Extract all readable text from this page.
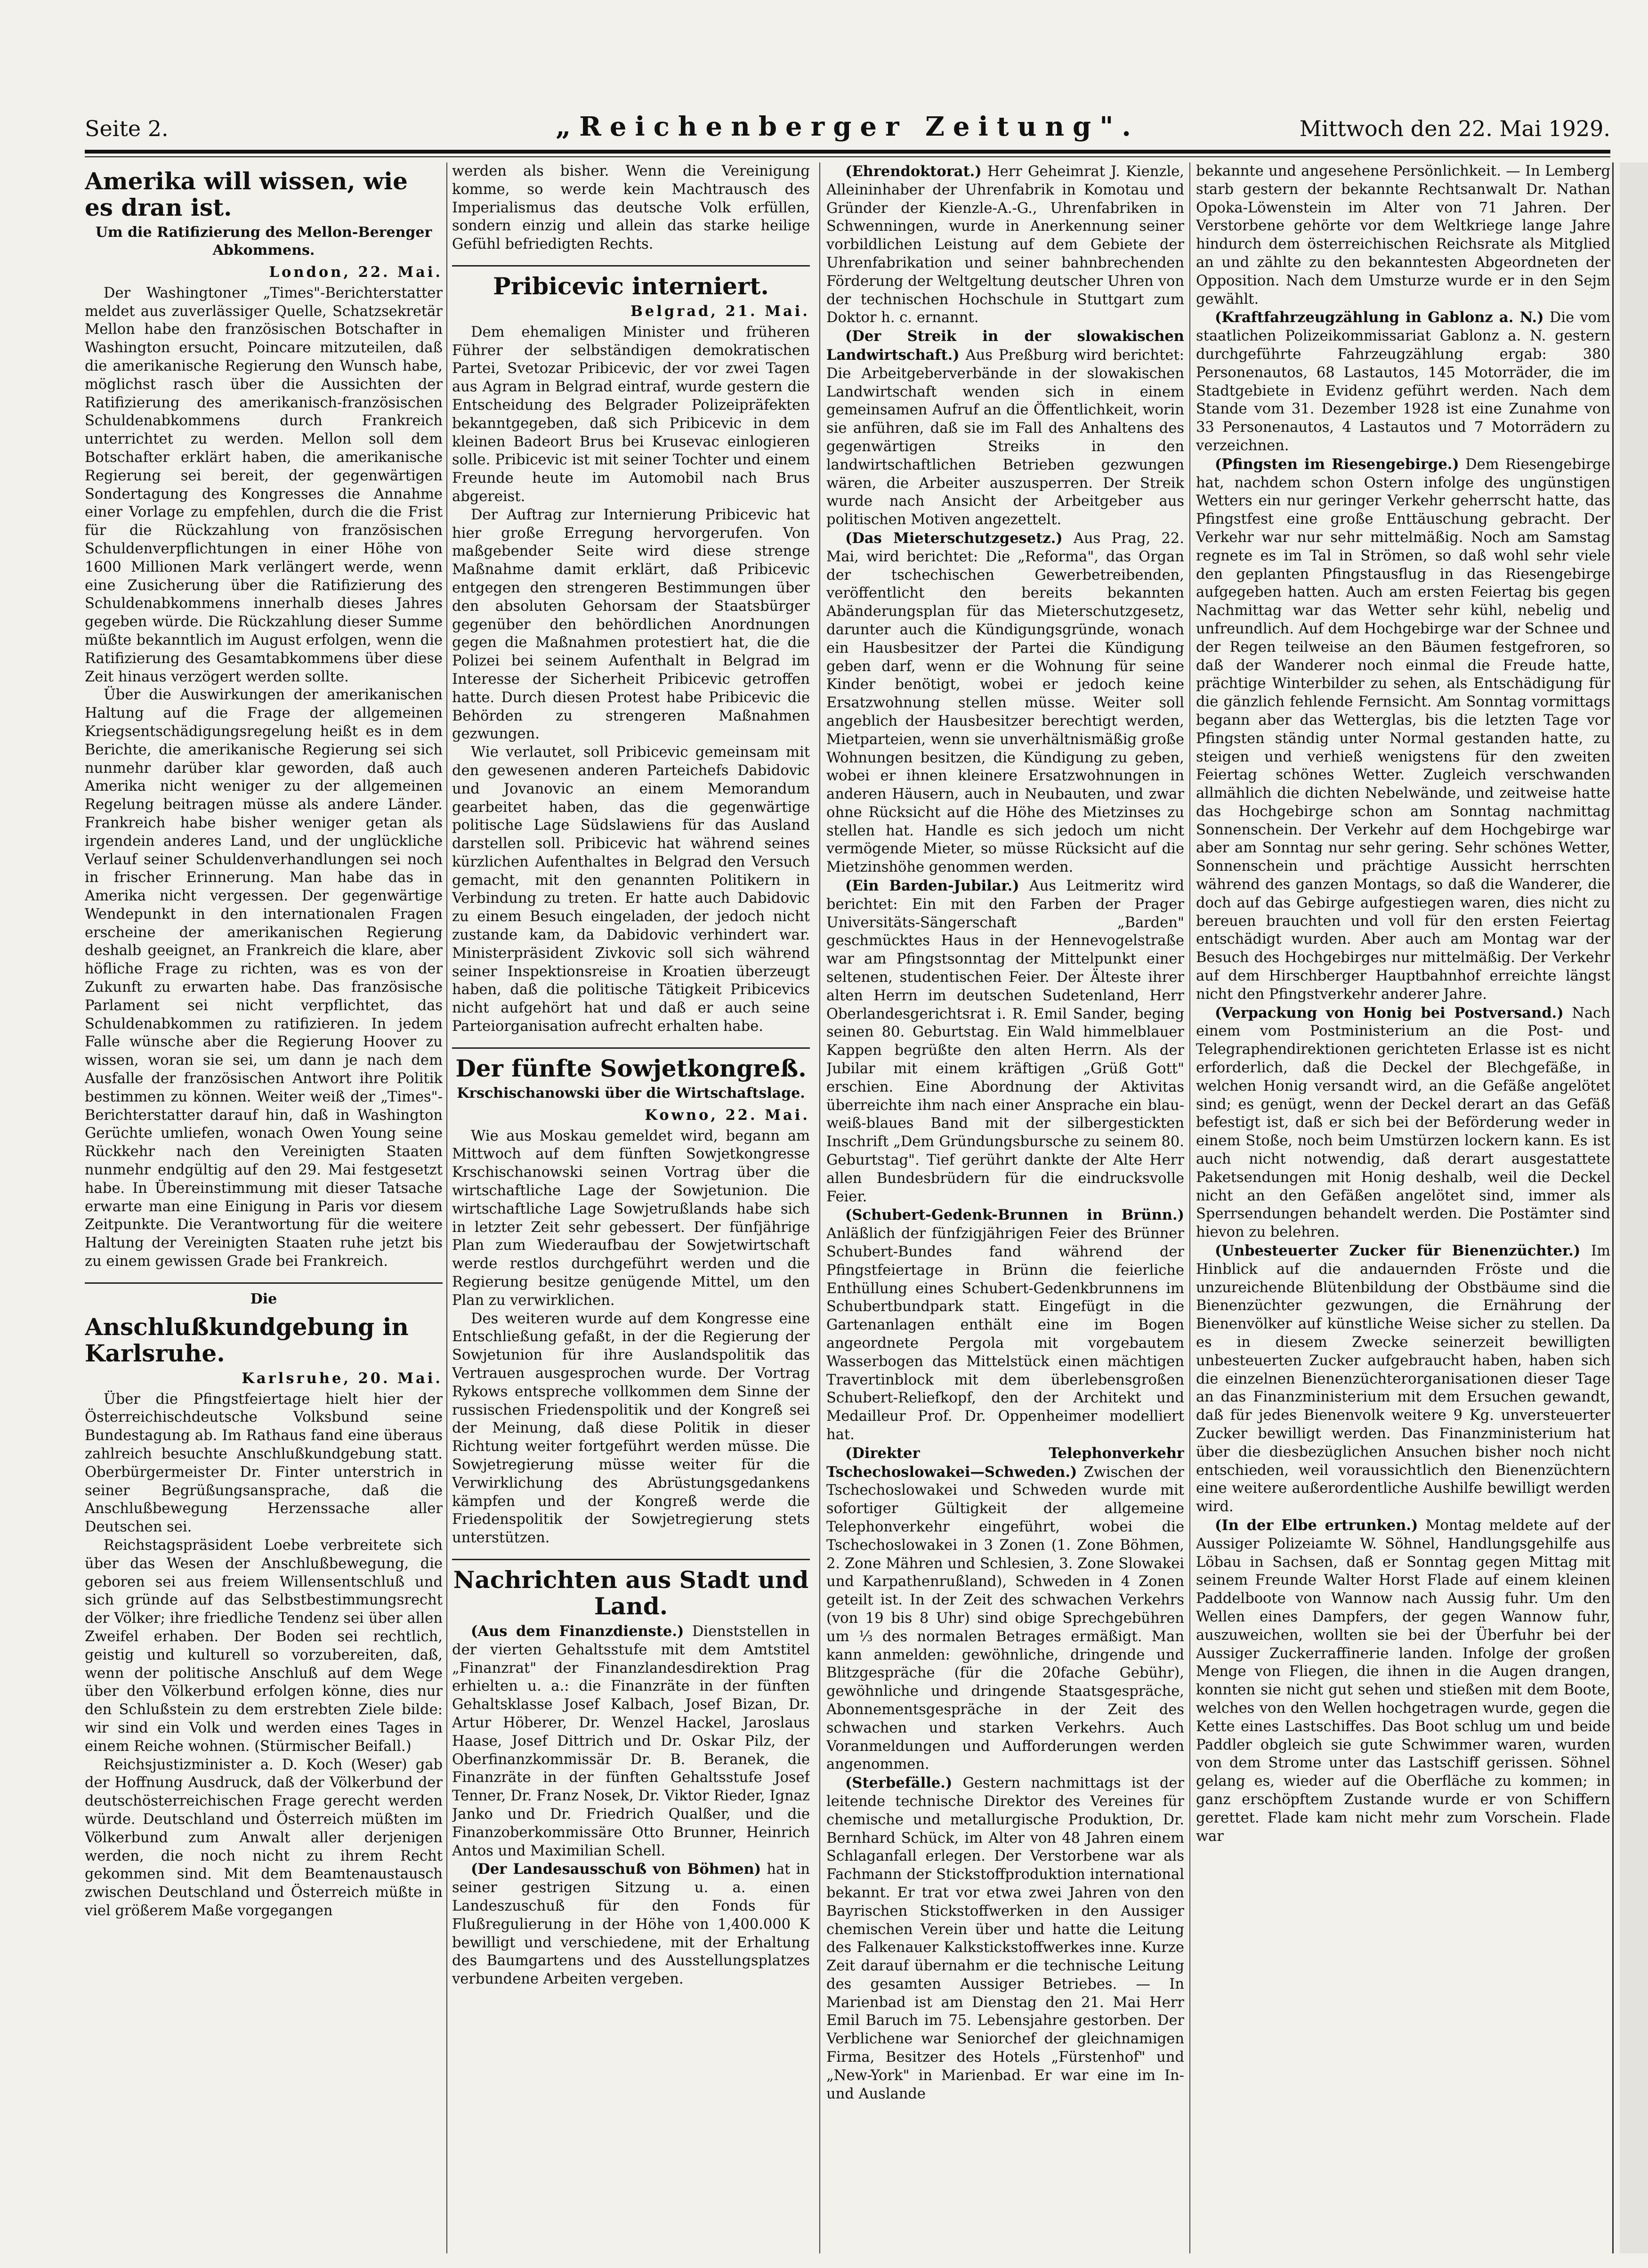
Seite 2.	„Reichenberger Zeitung".	Mittwoch den 22. Mai 1929.
Amerika will wissen, wie es dran ist.
Um die Ratifizierung des Mellon-Berenger Abkommens.
London, 22. Mai.

Der Washingtoner „Times"-Berichterstatter meldet aus zuverlässiger Quelle, Schatzsekretär Mellon habe den französischen Botschafter in Washington ersucht, Poincare mitzuteilen, daß die amerikanische Regierung den Wunsch habe, möglichst rasch über die Aussichten der Ratifizierung des amerikanisch-französischen Schuldenabkommens durch Frankreich unterrichtet zu werden. Mellon soll dem Botschafter erklärt haben, die amerikanische Regierung sei bereit, der gegenwärtigen Sondertagung des Kongresses die Annahme einer Vorlage zu empfehlen, durch die die Frist für die Rückzahlung von französischen Schuldenverpflichtungen in einer Höhe von 1600 Millionen Mark verlängert werde, wenn eine Zusicherung über die Ratifizierung des Schuldenabkommens innerhalb dieses Jahres gegeben würde. Die Rückzahlung dieser Summe müßte bekanntlich im August erfolgen, wenn die Ratifizierung des Gesamtabkommens über diese Zeit hinaus verzögert werden sollte.

Über die Auswirkungen der amerikanischen Haltung auf die Frage der allgemeinen Kriegsentschädigungsregelung heißt es in dem Berichte, die amerikanische Regierung sei sich nunmehr darüber klar geworden, daß auch Amerika nicht weniger zu der allgemeinen Regelung beitragen müsse als andere Länder. Frankreich habe bisher weniger getan als irgendein anderes Land, und der unglückliche Verlauf seiner Schuldenverhandlungen sei noch in frischer Erinnerung. Man habe das in Amerika nicht vergessen. Der gegenwärtige Wendepunkt in den internationalen Fragen erscheine der amerikanischen Regierung deshalb geeignet, an Frankreich die klare, aber höfliche Frage zu richten, was es von der Zukunft zu erwarten habe. Das französische Parlament sei nicht verpflichtet, das Schuldenabkommen zu ratifizieren. In jedem Falle wünsche aber die Regierung Hoover zu wissen, woran sie sei, um dann je nach dem Ausfalle der französischen Antwort ihre Politik bestimmen zu können. Weiter weiß der „Times"-Berichterstatter darauf hin, daß in Washington Gerüchte umliefen, wonach Owen Young seine Rückkehr nach den Vereinigten Staaten nunmehr endgültig auf den 29. Mai festgesetzt habe. In Übereinstimmung mit dieser Tatsache erwarte man eine Einigung in Paris vor diesem Zeitpunkte. Die Verantwortung für die weitere Haltung der Vereinigten Staaten ruhe jetzt bis zu einem gewissen Grade bei Frankreich.

Die
Anschlußkundgebung in Karlsruhe.
Karlsruhe, 20. Mai.

Über die Pfingstfeiertage hielt hier der Österreichischdeutsche Volksbund seine Bundestagung ab. Im Rathaus fand eine überaus zahlreich besuchte Anschlußkundgebung statt. Oberbürgermeister Dr. Finter unterstrich in seiner Begrüßungsansprache, daß die Anschlußbewegung Herzenssache aller Deutschen sei.

Reichstagspräsident Loebe verbreitete sich über das Wesen der Anschlußbewegung, die geboren sei aus freiem Willensentschluß und sich gründe auf das Selbstbestimmungsrecht der Völker; ihre friedliche Tendenz sei über allen Zweifel erhaben. Der Boden sei rechtlich, geistig und kulturell so vorzubereiten, daß, wenn der politische Anschluß auf dem Wege über den Völkerbund erfolgen könne, dies nur den Schlußstein zu dem erstrebten Ziele bilde: wir sind ein Volk und werden eines Tages in einem Reiche wohnen. (Stürmischer Beifall.)

Reichsjustizminister a. D. Koch (Weser) gab der Hoffnung Ausdruck, daß der Völkerbund der deutschösterreichischen Frage gerecht werden würde. Deutschland und Österreich müßten im Völkerbund zum Anwalt aller derjenigen werden, die noch nicht zu ihrem Recht gekommen sind. Mit dem Beamtenaustausch zwischen Deutschland und Österreich müßte in viel größerem Maße vorgegangen

werden als bisher. Wenn die Vereinigung komme, so werde kein Machtrausch des Imperialismus das deutsche Volk erfüllen, sondern einzig und allein das starke heilige Gefühl befriedigten Rechts.

Pribicevic interniert.
Belgrad, 21. Mai.

Dem ehemaligen Minister und früheren Führer der selbständigen demokratischen Partei, Svetozar Pribicevic, der vor zwei Tagen aus Agram in Belgrad eintraf, wurde gestern die Entscheidung des Belgrader Polizeipräfekten bekanntgegeben, daß sich Pribicevic in dem kleinen Badeort Brus bei Krusevac einlogieren solle. Pribicevic ist mit seiner Tochter und einem Freunde heute im Automobil nach Brus abgereist.

Der Auftrag zur Internierung Pribicevic hat hier große Erregung hervorgerufen. Von maßgebender Seite wird diese strenge Maßnahme damit erklärt, daß Pribicevic entgegen den strengeren Bestimmungen über den absoluten Gehorsam der Staatsbürger gegenüber den behördlichen Anordnungen gegen die Maßnahmen protestiert hat, die die Polizei bei seinem Aufenthalt in Belgrad im Interesse der Sicherheit Pribicevic getroffen hatte. Durch diesen Protest habe Pribicevic die Behörden zu strengeren Maßnahmen gezwungen.

Wie verlautet, soll Pribicevic gemeinsam mit den gewesenen anderen Parteichefs Dabidovic und Jovanovic an einem Memorandum gearbeitet haben, das die gegenwärtige politische Lage Südslawiens für das Ausland darstellen soll. Pribicevic hat während seines kürzlichen Aufenthaltes in Belgrad den Versuch gemacht, mit den genannten Politikern in Verbindung zu treten. Er hatte auch Dabidovic zu einem Besuch eingeladen, der jedoch nicht zustande kam, da Dabidovic verhindert war. Ministerpräsident Zivkovic soll sich während seiner Inspektionsreise in Kroatien überzeugt haben, daß die politische Tätigkeit Pribicevics nicht aufgehört hat und daß er auch seine Parteiorganisation aufrecht erhalten habe.

Der fünfte Sowjetkongreß.
Krschischanowski über die Wirtschaftslage.
Kowno, 22. Mai.

Wie aus Moskau gemeldet wird, begann am Mittwoch auf dem fünften Sowjetkongresse Krschischanowski seinen Vortrag über die wirtschaftliche Lage der Sowjetunion. Die wirtschaftliche Lage Sowjetrußlands habe sich in letzter Zeit sehr gebessert. Der fünfjährige Plan zum Wiederaufbau der Sowjetwirtschaft werde restlos durchgeführt werden und die Regierung besitze genügende Mittel, um den Plan zu verwirklichen.

Des weiteren wurde auf dem Kongresse eine Entschließung gefaßt, in der die Regierung der Sowjetunion für ihre Auslandspolitik das Vertrauen ausgesprochen wurde. Der Vortrag Rykows entspreche vollkommen dem Sinne der russischen Friedenspolitik und der Kongreß sei der Meinung, daß diese Politik in dieser Richtung weiter fortgeführt werden müsse. Die Sowjetregierung müsse weiter für die Verwirklichung des Abrüstungsgedankens kämpfen und der Kongreß werde die Friedenspolitik der Sowjetregierung stets unterstützen.

Nachrichten aus Stadt und Land.

(Aus dem Finanzdienste.) Dienststellen in der vierten Gehaltsstufe mit dem Amtstitel „Finanzrat" der Finanzlandesdirektion Prag erhielten u. a.: die Finanzräte in der fünften Gehaltsklasse Josef Kalbach, Josef Bizan, Dr. Artur Höberer, Dr. Wenzel Hackel, Jaroslaus Haase, Josef Dittrich und Dr. Oskar Pilz, der Oberfinanzkommissär Dr. B. Beranek, die Finanzräte in der fünften Gehaltsstufe Josef Tenner, Dr. Franz Nosek, Dr. Viktor Rieder, Ignaz Janko und Dr. Friedrich Qualßer, und die Finanzoberkommissäre Otto Brunner, Heinrich Antos und Maximilian Schell.

(Der Landesausschuß von Böhmen) hat in seiner gestrigen Sitzung u. a. einen Landeszuschuß für den Fonds für Flußregulierung in der Höhe von 1,400.000 K bewilligt und verschiedene, mit der Erhaltung des Baumgartens und des Ausstellungsplatzes verbundene Arbeiten vergeben.

(Ehrendoktorat.) Herr Geheimrat J. Kienzle, Alleininhaber der Uhrenfabrik in Komotau und Gründer der Kienzle-A.-G., Uhrenfabriken in Schwenningen, wurde in Anerkennung seiner vorbildlichen Leistung auf dem Gebiete der Uhrenfabrikation und seiner bahnbrechenden Förderung der Weltgeltung deutscher Uhren von der technischen Hochschule in Stuttgart zum Doktor h. c. ernannt.

(Der Streik in der slowakischen Landwirtschaft.) Aus Preßburg wird berichtet: Die Arbeitgeberverbände in der slowakischen Landwirtschaft wenden sich in einem gemeinsamen Aufruf an die Öffentlichkeit, worin sie anführen, daß sie im Fall des Anhaltens des gegenwärtigen Streiks in den landwirtschaftlichen Betrieben gezwungen wären, die Arbeiter auszusperren. Der Streik wurde nach Ansicht der Arbeitgeber aus politischen Motiven angezettelt.

(Das Mieterschutzgesetz.) Aus Prag, 22. Mai, wird berichtet: Die „Reforma", das Organ der tschechischen Gewerbetreibenden, veröffentlicht den bereits bekannten Abänderungsplan für das Mieterschutzgesetz, darunter auch die Kündigungsgründe, wonach ein Hausbesitzer der Partei die Kündigung geben darf, wenn er die Wohnung für seine Kinder benötigt, wobei er jedoch keine Ersatzwohnung stellen müsse. Weiter soll angeblich der Hausbesitzer berechtigt werden, Mietparteien, wenn sie unverhältnismäßig große Wohnungen besitzen, die Kündigung zu geben, wobei er ihnen kleinere Ersatzwohnungen in anderen Häusern, auch in Neubauten, und zwar ohne Rücksicht auf die Höhe des Mietzinses zu stellen hat. Handle es sich jedoch um nicht vermögende Mieter, so müsse Rücksicht auf die Mietzinshöhe genommen werden.

(Ein Barden-Jubilar.) Aus Leitmeritz wird berichtet: Ein mit den Farben der Prager Universitäts-Sängerschaft „Barden" geschmücktes Haus in der Hennevogelstraße war am Pfingstsonntag der Mittelpunkt einer seltenen, studentischen Feier. Der Älteste ihrer alten Herrn im deutschen Sudetenland, Herr Oberlandesgerichtsrat i. R. Emil Sander, beging seinen 80. Geburtstag. Ein Wald himmelblauer Kappen begrüßte den alten Herrn. Als der Jubilar mit einem kräftigen „Grüß Gott" erschien. Eine Abordnung der Aktivitas überreichte ihm nach einer Ansprache ein blau-weiß-blaues Band mit der silbergestickten Inschrift „Dem Gründungsbursche zu seinem 80. Geburtstag". Tief gerührt dankte der Alte Herr allen Bundesbrüdern für die eindrucksvolle Feier.

(Schubert-Gedenk-Brunnen in Brünn.) Anläßlich der fünfzigjährigen Feier des Brünner Schubert-Bundes fand während der Pfingstfeiertage in Brünn die feierliche Enthüllung eines Schubert-Gedenkbrunnens im Schubertbundpark statt. Eingefügt in die Gartenanlagen enthält eine im Bogen angeordnete Pergola mit vorgebautem Wasserbogen das Mittelstück einen mächtigen Travertinblock mit dem überlebensgroßen Schubert-Reliefkopf, den der Architekt und Medailleur Prof. Dr. Oppenheimer modelliert hat.

(Direkter Telephonverkehr Tschechoslowakei—Schweden.) Zwischen der Tschechoslowakei und Schweden wurde mit sofortiger Gültigkeit der allgemeine Telephonverkehr eingeführt, wobei die Tschechoslowakei in 3 Zonen (1. Zone Böhmen, 2. Zone Mähren und Schlesien, 3. Zone Slowakei und Karpathenrußland), Schweden in 4 Zonen geteilt ist. In der Zeit des schwachen Verkehrs (von 19 bis 8 Uhr) sind obige Sprechgebühren um ⅓ des normalen Betrages ermäßigt. Man kann anmelden: gewöhnliche, dringende und Blitzgespräche (für die 20fache Gebühr), gewöhnliche und dringende Staatsgespräche, Abonnementsgespräche in der Zeit des schwachen und starken Verkehrs. Auch Voranmeldungen und Aufforderungen werden angenommen.

(Sterbefälle.) Gestern nachmittags ist der leitende technische Direktor des Vereines für chemische und metallurgische Produktion, Dr. Bernhard Schück, im Alter von 48 Jahren einem Schlaganfall erlegen. Der Verstorbene war als Fachmann der Stickstoffproduktion international bekannt. Er trat vor etwa zwei Jahren von den Bayrischen Stickstoffwerken in den Aussiger chemischen Verein über und hatte die Leitung des Falkenauer Kalkstickstoffwerkes inne. Kurze Zeit darauf übernahm er die technische Leitung des gesamten Aussiger Betriebes. — In Marienbad ist am Dienstag den 21. Mai Herr Emil Baruch im 75. Lebensjahre gestorben. Der Verblichene war Seniorchef der gleichnamigen Firma, Besitzer des Hotels „Fürstenhof" und „New-York" in Marienbad. Er war eine im In- und Auslande

bekannte und angesehene Persönlichkeit. — In Lemberg starb gestern der bekannte Rechtsanwalt Dr. Nathan Opoka-Löwenstein im Alter von 71 Jahren. Der Verstorbene gehörte vor dem Weltkriege lange Jahre hindurch dem österreichischen Reichsrate als Mitglied an und zählte zu den bekanntesten Abgeordneten der Opposition. Nach dem Umsturze wurde er in den Sejm gewählt.

(Kraftfahrzeugzählung in Gablonz a. N.) Die vom staatlichen Polizeikommissariat Gablonz a. N. gestern durchgeführte Fahrzeugzählung ergab: 380 Personenautos, 68 Lastautos, 145 Motorräder, die im Stadtgebiete in Evidenz geführt werden. Nach dem Stande vom 31. Dezember 1928 ist eine Zunahme von 33 Personenautos, 4 Lastautos und 7 Motorrädern zu verzeichnen.

(Pfingsten im Riesengebirge.) Dem Riesengebirge hat, nachdem schon Ostern infolge des ungünstigen Wetters ein nur geringer Verkehr geherrscht hatte, das Pfingstfest eine große Enttäuschung gebracht. Der Verkehr war nur sehr mittelmäßig. Noch am Samstag regnete es im Tal in Strömen, so daß wohl sehr viele den geplanten Pfingstausflug in das Riesengebirge aufgegeben hatten. Auch am ersten Feiertag bis gegen Nachmittag war das Wetter sehr kühl, nebelig und unfreundlich. Auf dem Hochgebirge war der Schnee und der Regen teilweise an den Bäumen festgefroren, so daß der Wanderer noch einmal die Freude hatte, prächtige Winterbilder zu sehen, als Entschädigung für die gänzlich fehlende Fernsicht. Am Sonntag vormittags begann aber das Wetterglas, bis die letzten Tage vor Pfingsten ständig unter Normal gestanden hatte, zu steigen und verhieß wenigstens für den zweiten Feiertag schönes Wetter. Zugleich verschwanden allmählich die dichten Nebelwände, und zeitweise hatte das Hochgebirge schon am Sonntag nachmittag Sonnenschein. Der Verkehr auf dem Hochgebirge war aber am Sonntag nur sehr gering. Sehr schönes Wetter, Sonnenschein und prächtige Aussicht herrschten während des ganzen Montags, so daß die Wanderer, die doch auf das Gebirge aufgestiegen waren, dies nicht zu bereuen brauchten und voll für den ersten Feiertag entschädigt wurden. Aber auch am Montag war der Besuch des Hochgebirges nur mittelmäßig. Der Verkehr auf dem Hirschberger Hauptbahnhof erreichte längst nicht den Pfingstverkehr anderer Jahre.

(Verpackung von Honig bei Postversand.) Nach einem vom Postministerium an die Post- und Telegraphendirektionen gerichteten Erlasse ist es nicht erforderlich, daß die Deckel der Blechgefäße, in welchen Honig versandt wird, an die Gefäße angelötet sind; es genügt, wenn der Deckel derart an das Gefäß befestigt ist, daß er sich bei der Beförderung weder in einem Stoße, noch beim Umstürzen lockern kann. Es ist auch nicht notwendig, daß derart ausgestattete Paketsendungen mit Honig deshalb, weil die Deckel nicht an den Gefäßen angelötet sind, immer als Sperrsendungen behandelt werden. Die Postämter sind hievon zu belehren.

(Unbesteuerter Zucker für Bienenzüchter.) Im Hinblick auf die andauernden Fröste und die unzureichende Blütenbildung der Obstbäume sind die Bienenzüchter gezwungen, die Ernährung der Bienenvölker auf künstliche Weise sicher zu stellen. Da es in diesem Zwecke seinerzeit bewilligten unbesteuerten Zucker aufgebraucht haben, haben sich die einzelnen Bienenzüchterorganisationen dieser Tage an das Finanzministerium mit dem Ersuchen gewandt, daß für jedes Bienenvolk weitere 9 Kg. unversteuerter Zucker bewilligt werden. Das Finanzministerium hat über die diesbezüglichen Ansuchen bisher noch nicht entschieden, weil voraussichtlich den Bienenzüchtern eine weitere außerordentliche Aushilfe bewilligt werden wird.

(In der Elbe ertrunken.) Montag meldete auf der Aussiger Polizeiamte W. Söhnel, Handlungsgehilfe aus Löbau in Sachsen, daß er Sonntag gegen Mittag mit seinem Freunde Walter Horst Flade auf einem kleinen Paddelboote von Wannow nach Aussig fuhr. Um den Wellen eines Dampfers, der gegen Wannow fuhr, auszuweichen, wollten sie bei der Überfuhr bei der Aussiger Zuckerraffinerie landen. Infolge der großen Menge von Fliegen, die ihnen in die Augen drangen, konnten sie nicht gut sehen und stießen mit dem Boote, welches von den Wellen hochgetragen wurde, gegen die Kette eines Lastschiffes. Das Boot schlug um und beide Paddler obgleich sie gute Schwimmer waren, wurden von dem Strome unter das Lastschiff gerissen. Söhnel gelang es, wieder auf die Oberfläche zu kommen; in ganz erschöpftem Zustande wurde er von Schiffern gerettet. Flade kam nicht mehr zum Vorschein. Flade war
